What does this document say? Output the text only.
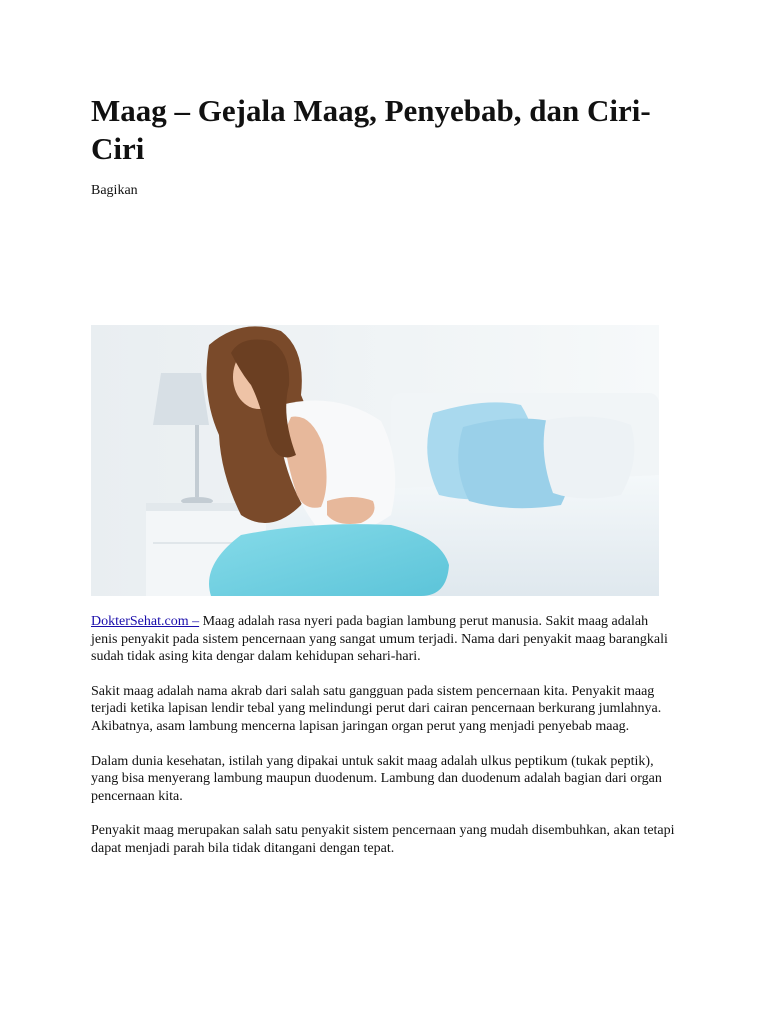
Maag – Gejala Maag, Penyebab, dan Ciri-Ciri
Bagikan

DokterSehat.com – Maag adalah rasa nyeri pada bagian lambung perut manusia. Sakit maag adalah jenis penyakit pada sistem pencernaan yang sangat umum terjadi. Nama dari penyakit maag barangkali sudah tidak asing kita dengar dalam kehidupan sehari-hari.

Sakit maag adalah nama akrab dari salah satu gangguan pada sistem pencernaan kita. Penyakit maag terjadi ketika lapisan lendir tebal yang melindungi perut dari cairan pencernaan berkurang jumlahnya. Akibatnya, asam lambung mencerna lapisan jaringan organ perut yang menjadi penyebab maag.

Dalam dunia kesehatan, istilah yang dipakai untuk sakit maag adalah ulkus peptikum (tukak peptik), yang bisa menyerang lambung maupun duodenum. Lambung dan duodenum adalah bagian dari organ pencernaan kita.

Penyakit maag merupakan salah satu penyakit sistem pencernaan yang mudah disembuhkan, akan tetapi dapat menjadi parah bila tidak ditangani dengan tepat.
